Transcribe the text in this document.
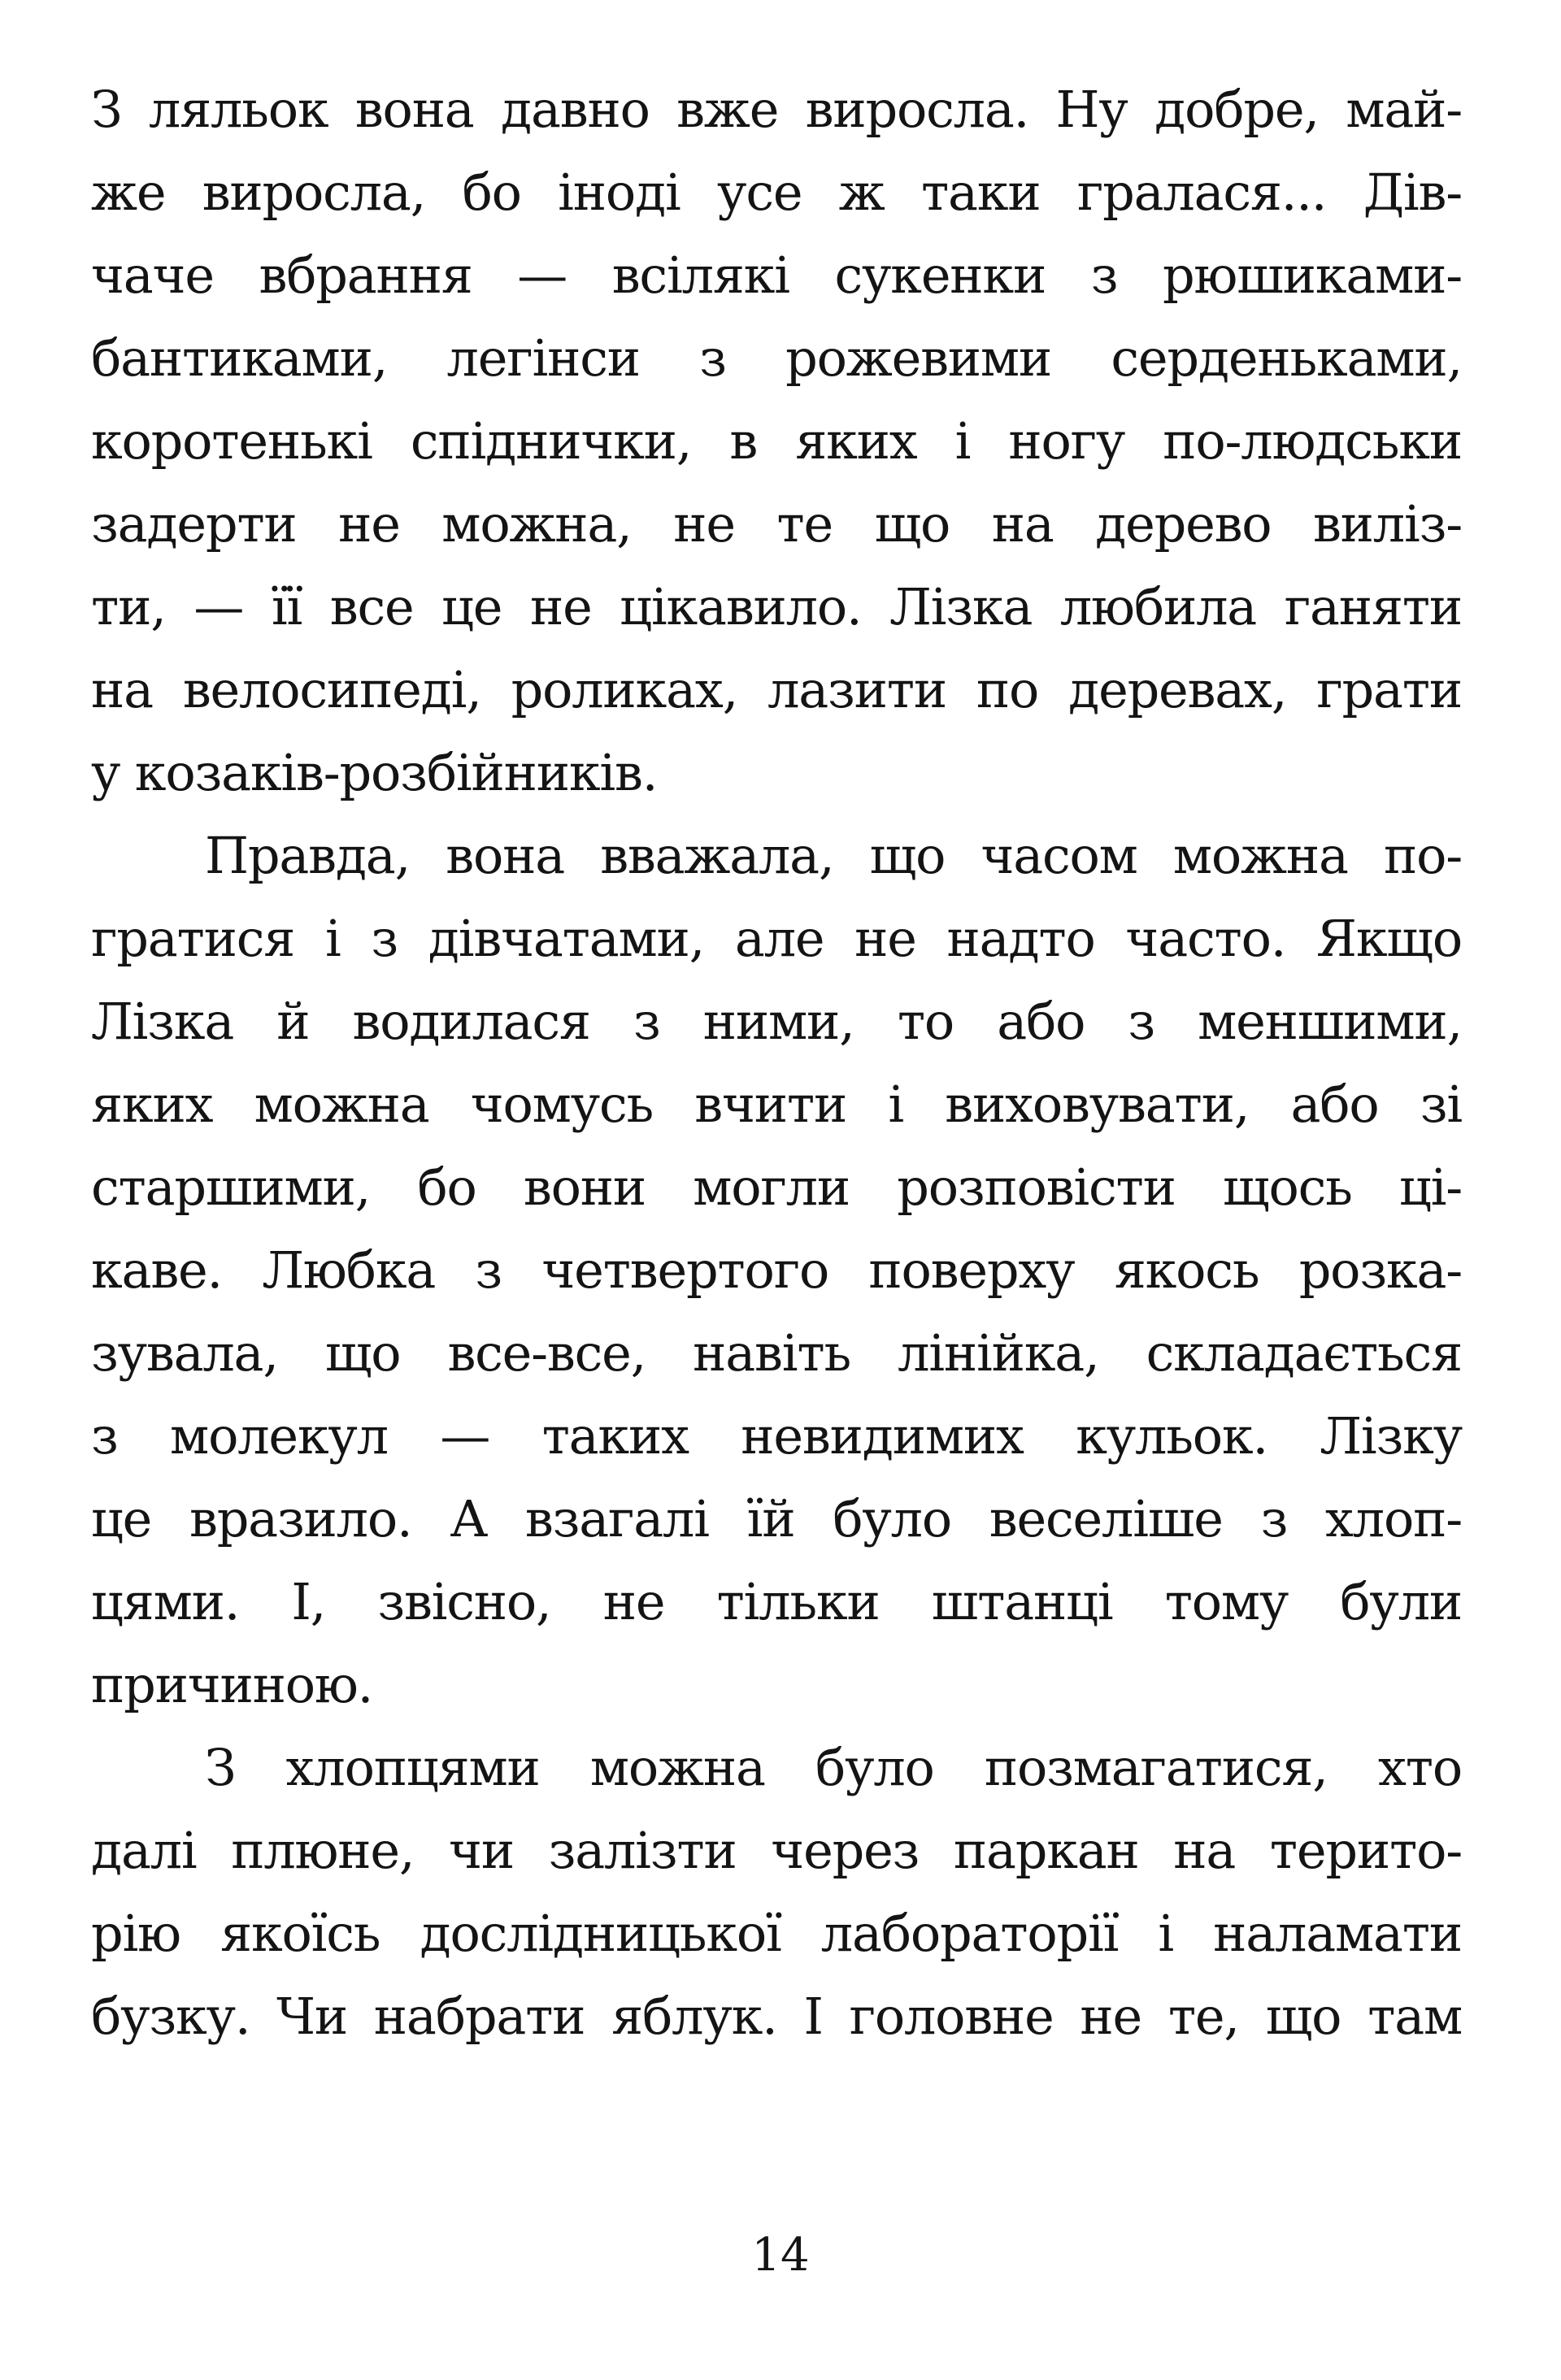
З ляльок вона давно вже виросла. Ну добре, май-
же виросла, бо іноді усе ж таки гралася... Дів-
чаче вбрання — всілякі сукенки з рюшиками-
бантиками, легінси з рожевими серденьками,
коротенькі спіднички, в яких і ногу по-людськи
задерти не можна, не те що на дерево виліз-
ти, — її все це не цікавило. Лізка любила ганяти
на велосипеді, роликах, лазити по деревах, грати
у козаків-розбійників.
Правда, вона вважала, що часом можна по-
гратися і з дівчатами, але не надто часто. Якщо
Лізка й водилася з ними, то або з меншими,
яких можна чомусь вчити і виховувати, або зі
старшими, бо вони могли розповісти щось ці-
каве. Любка з четвертого поверху якось розка-
зувала, що все-все, навіть лінійка, складається
з молекул — таких невидимих кульок. Лізку
це вразило. А взагалі їй було веселіше з хлоп-
цями. І, звісно, не тільки штанці тому були
причиною.
З хлопцями можна було позмагатися, хто
далі плюне, чи залізти через паркан на терито-
рію якоїсь дослідницької лабораторії і наламати
бузку. Чи набрати яблук. І головне не те, що там
14
